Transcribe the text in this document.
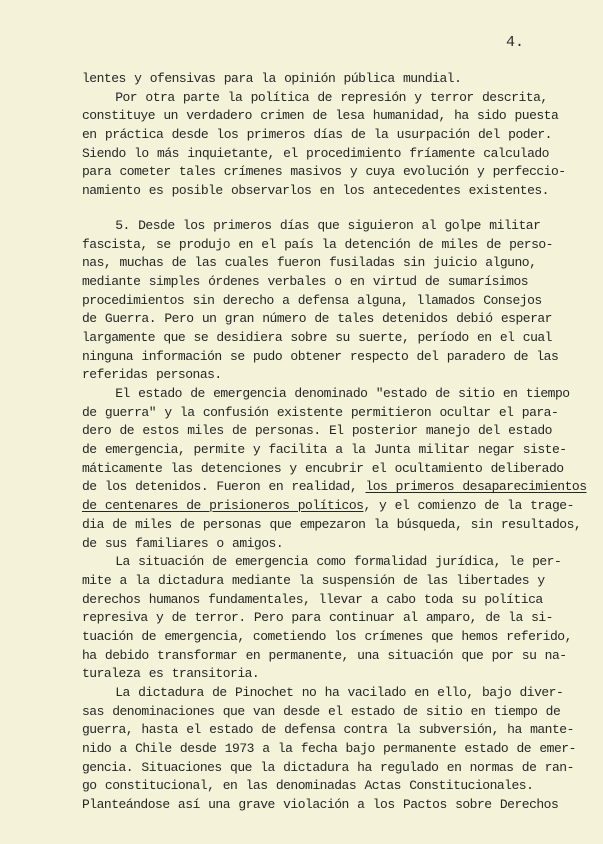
4.
lentes y ofensivas para la opinión pública mundial.
Por otra parte la política de represión y terror descrita,
constituye un verdadero crimen de lesa humanidad, ha sido puesta
en práctica desde los primeros días de la usurpación del poder.
Siendo lo más inquietante, el procedimiento fríamente calculado
para cometer tales crímenes masivos y cuya evolución y perfeccio-
namiento es posible observarlos en los antecedentes existentes.
5. Desde los primeros días que siguieron al golpe militar
fascista, se produjo en el país la detención de miles de perso-
nas, muchas de las cuales fueron fusiladas sin juicio alguno,
mediante simples órdenes verbales o en virtud de sumarísimos
procedimientos sin derecho a defensa alguna, llamados Consejos
de Guerra. Pero un gran número de tales detenidos debió esperar
largamente que se desidiera sobre su suerte, período en el cual
ninguna información se pudo obtener respecto del paradero de las
referidas personas.
El estado de emergencia denominado "estado de sitio en tiempo
de guerra" y la confusión existente permitieron ocultar el para-
dero de estos miles de personas. El posterior manejo del estado
de emergencia, permite y facilita a la Junta militar negar siste-
máticamente las detenciones y encubrir el ocultamiento deliberado
de los detenidos. Fueron en realidad, los primeros desaparecimientos
de centenares de prisioneros políticos, y el comienzo de la trage-
dia de miles de personas que empezaron la búsqueda, sin resultados,
de sus familiares o amigos.
La situación de emergencia como formalidad jurídica, le per-
mite a la dictadura mediante la suspensión de las libertades y
derechos humanos fundamentales, llevar a cabo toda su política
represiva y de terror. Pero para continuar al amparo, de la si-
tuación de emergencia, cometiendo los crímenes que hemos referido,
ha debido transformar en permanente, una situación que por su na-
turaleza es transitoria.
La dictadura de Pinochet no ha vacilado en ello, bajo diver-
sas denominaciones que van desde el estado de sitio en tiempo de
guerra, hasta el estado de defensa contra la subversión, ha mante-
nido a Chile desde 1973 a la fecha bajo permanente estado de emer-
gencia. Situaciones que la dictadura ha regulado en normas de ran-
go constitucional, en las denominadas Actas Constitucionales.
Planteándose así una grave violación a los Pactos sobre Derechos
